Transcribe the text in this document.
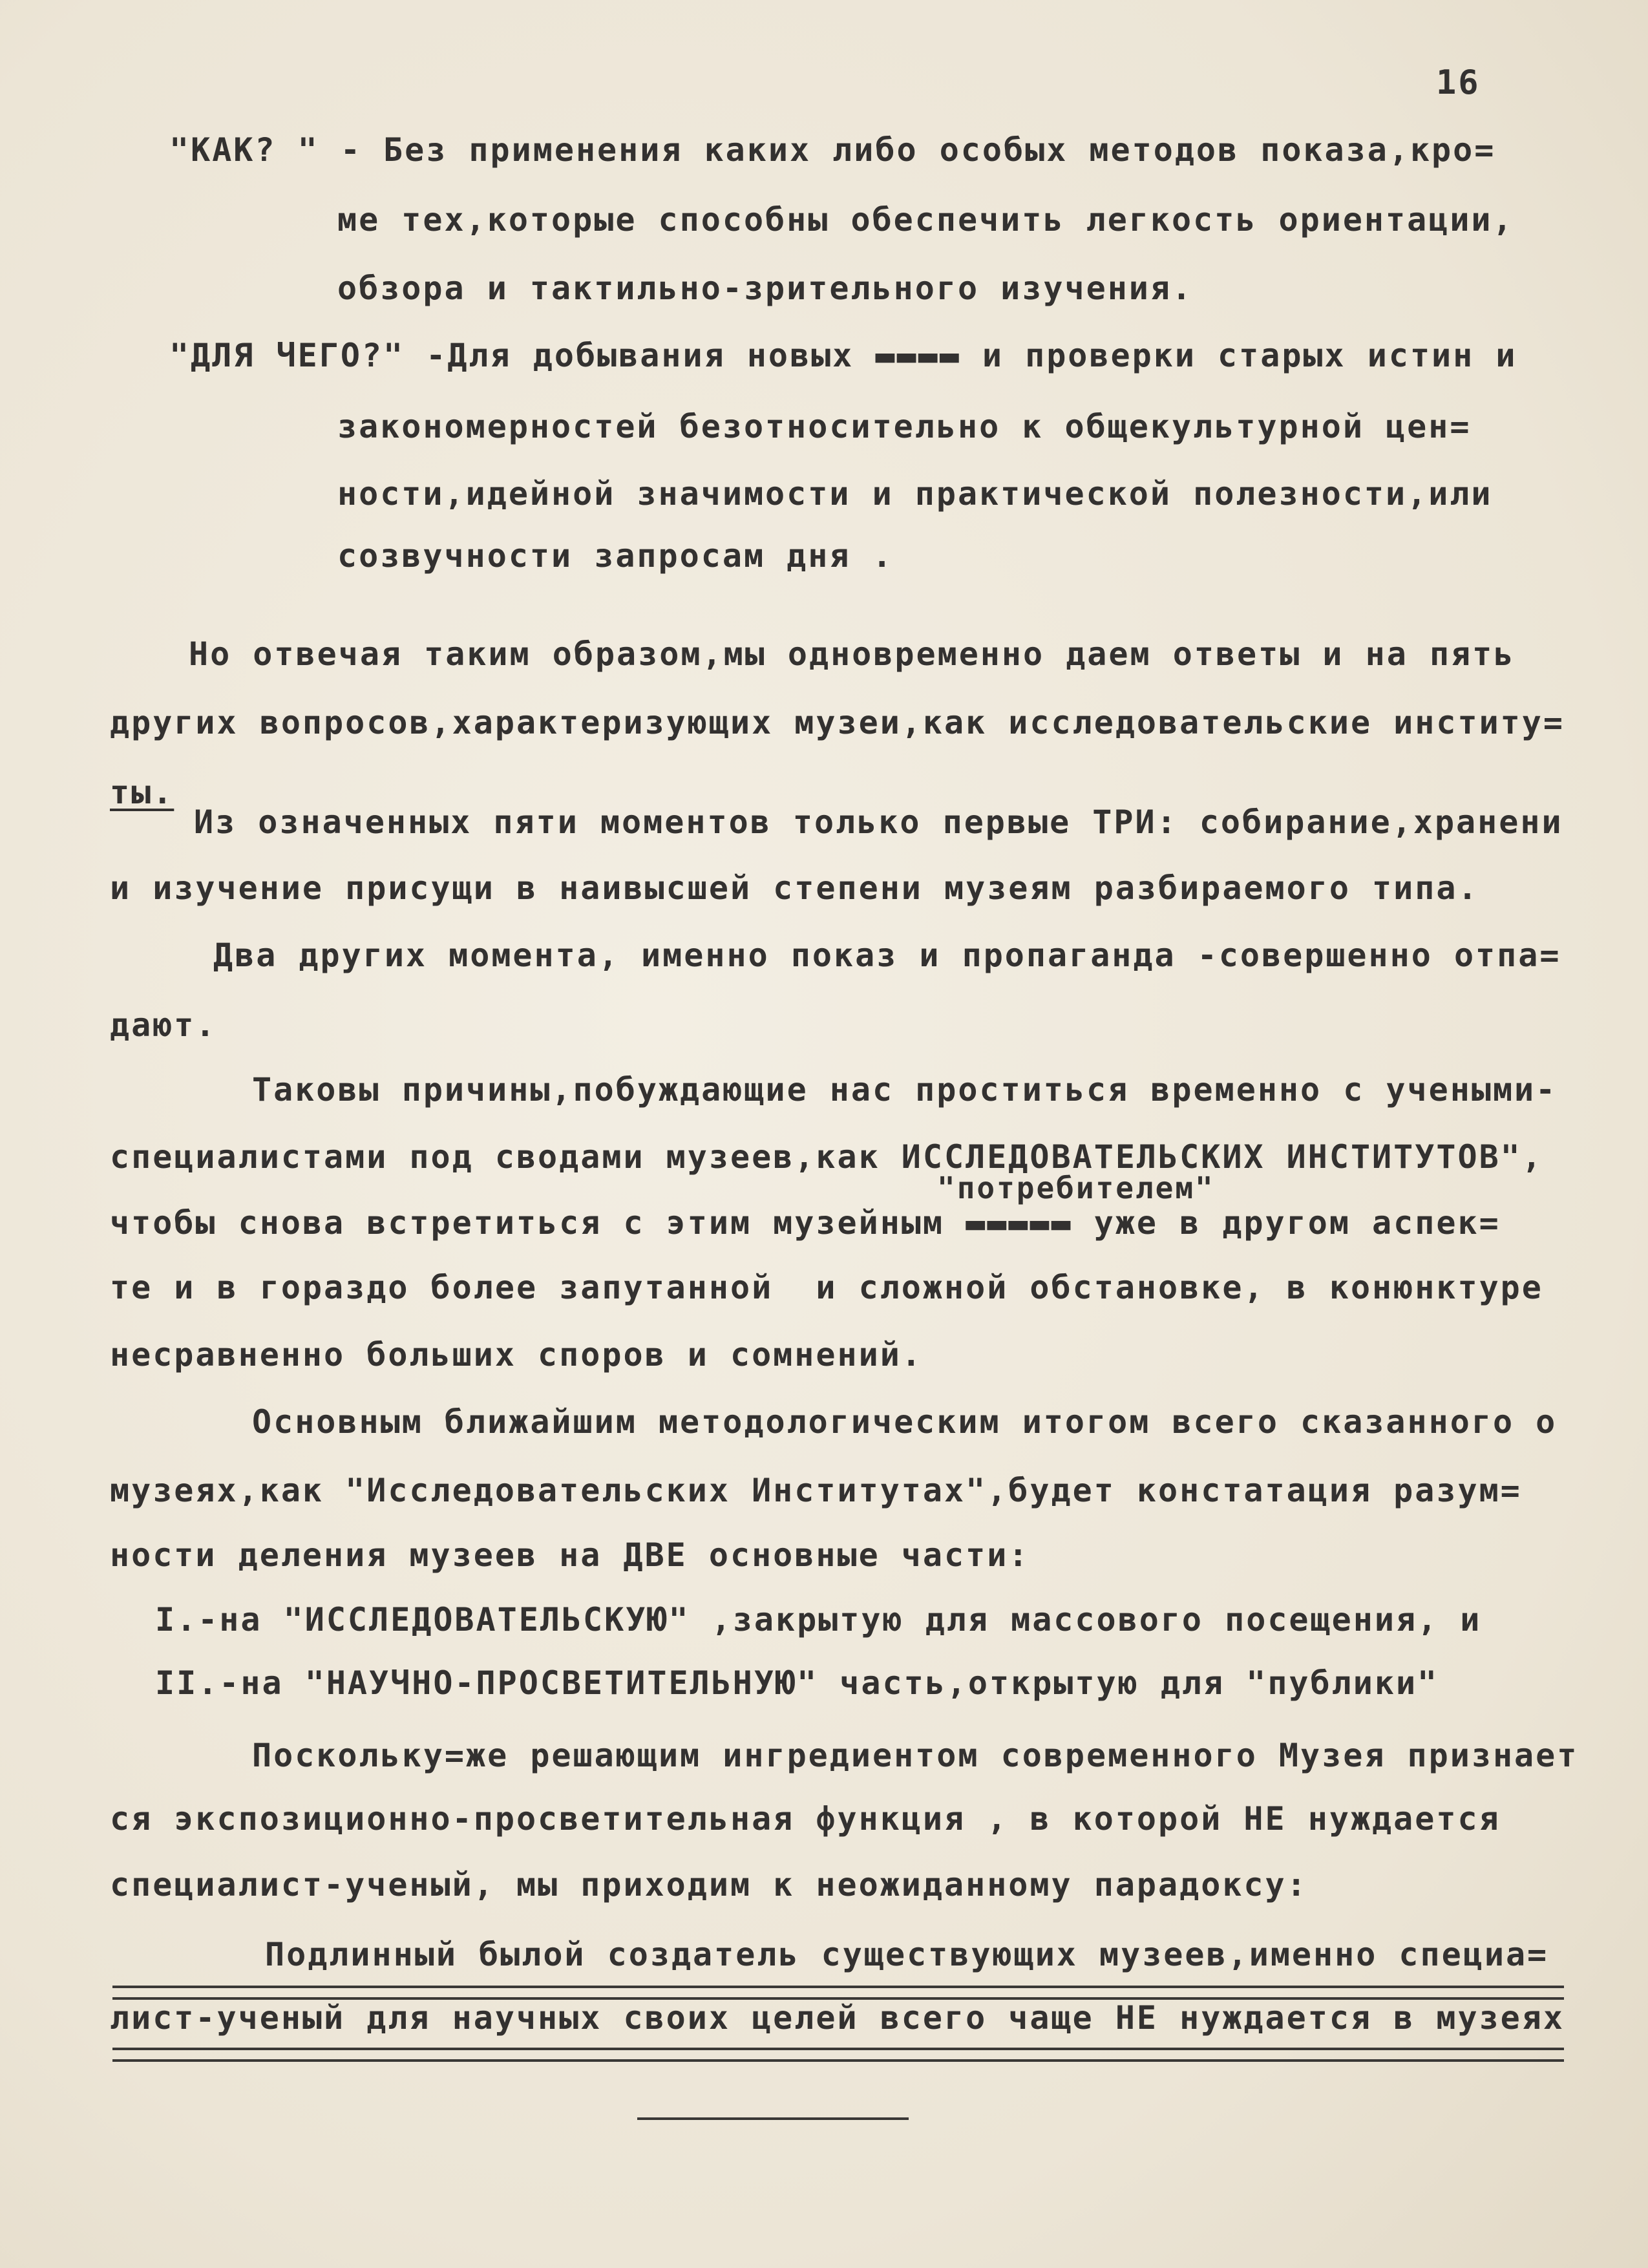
16
"КАК? " - Без применения каких либо особых методов показа,кро=
ме тех,которые способны обеспечить легкость ориентации,
обзора и тактильно-зрительного изучения.
"ДЛЯ ЧЕГО?" -Для добывания новых ▬▬▬▬ и проверки старых истин и
закономерностей безотносительно к общекультурной цен=
ности,идейной значимости и практической полезности,или
созвучности запросам дня .
Но отвечая таким образом,мы одновременно даем ответы и на пять
других вопросов,характеризующих музеи,как исследовательские институ=
ты.
Из означенных пяти моментов только первые ТРИ: собирание,хранени
и изучение присущи в наивысшей степени музеям разбираемого типа.
Два других момента, именно показ и пропаганда -совершенно отпа=
дают.
Таковы причины,побуждающие нас проститься временно с учеными-
специалистами под сводами музеев,как ИССЛЕДОВАТЕЛЬСКИХ ИНСТИТУТОВ",
"потребителем"
чтобы снова встретиться с этим музейным ▬▬▬▬▬ уже в другом аспек=
те и в гораздо более запутанной  и сложной обстановке, в конюнктуре
несравненно больших споров и сомнений.
Основным ближайшим методологическим итогом всего сказанного о
музеях,как "Исследовательских Институтах",будет констатация разум=
ности деления музеев на ДВЕ основные части:
I.-на "ИССЛЕДОВАТЕЛЬСКУЮ" ,закрытую для массового посещения, и
II.-на "НАУЧНО-ПРОСВЕТИТЕЛЬНУЮ" часть,открытую для "публики"
Поскольку=же решающим ингредиентом современного Музея признает
ся экспозиционно-просветительная функция , в которой НЕ нуждается
специалист-ученый, мы приходим к неожиданному парадоксу:
Подлинный былой создатель существующих музеев,именно специа=
лист-ученый для научных своих целей всего чаще НЕ нуждается в музеях
